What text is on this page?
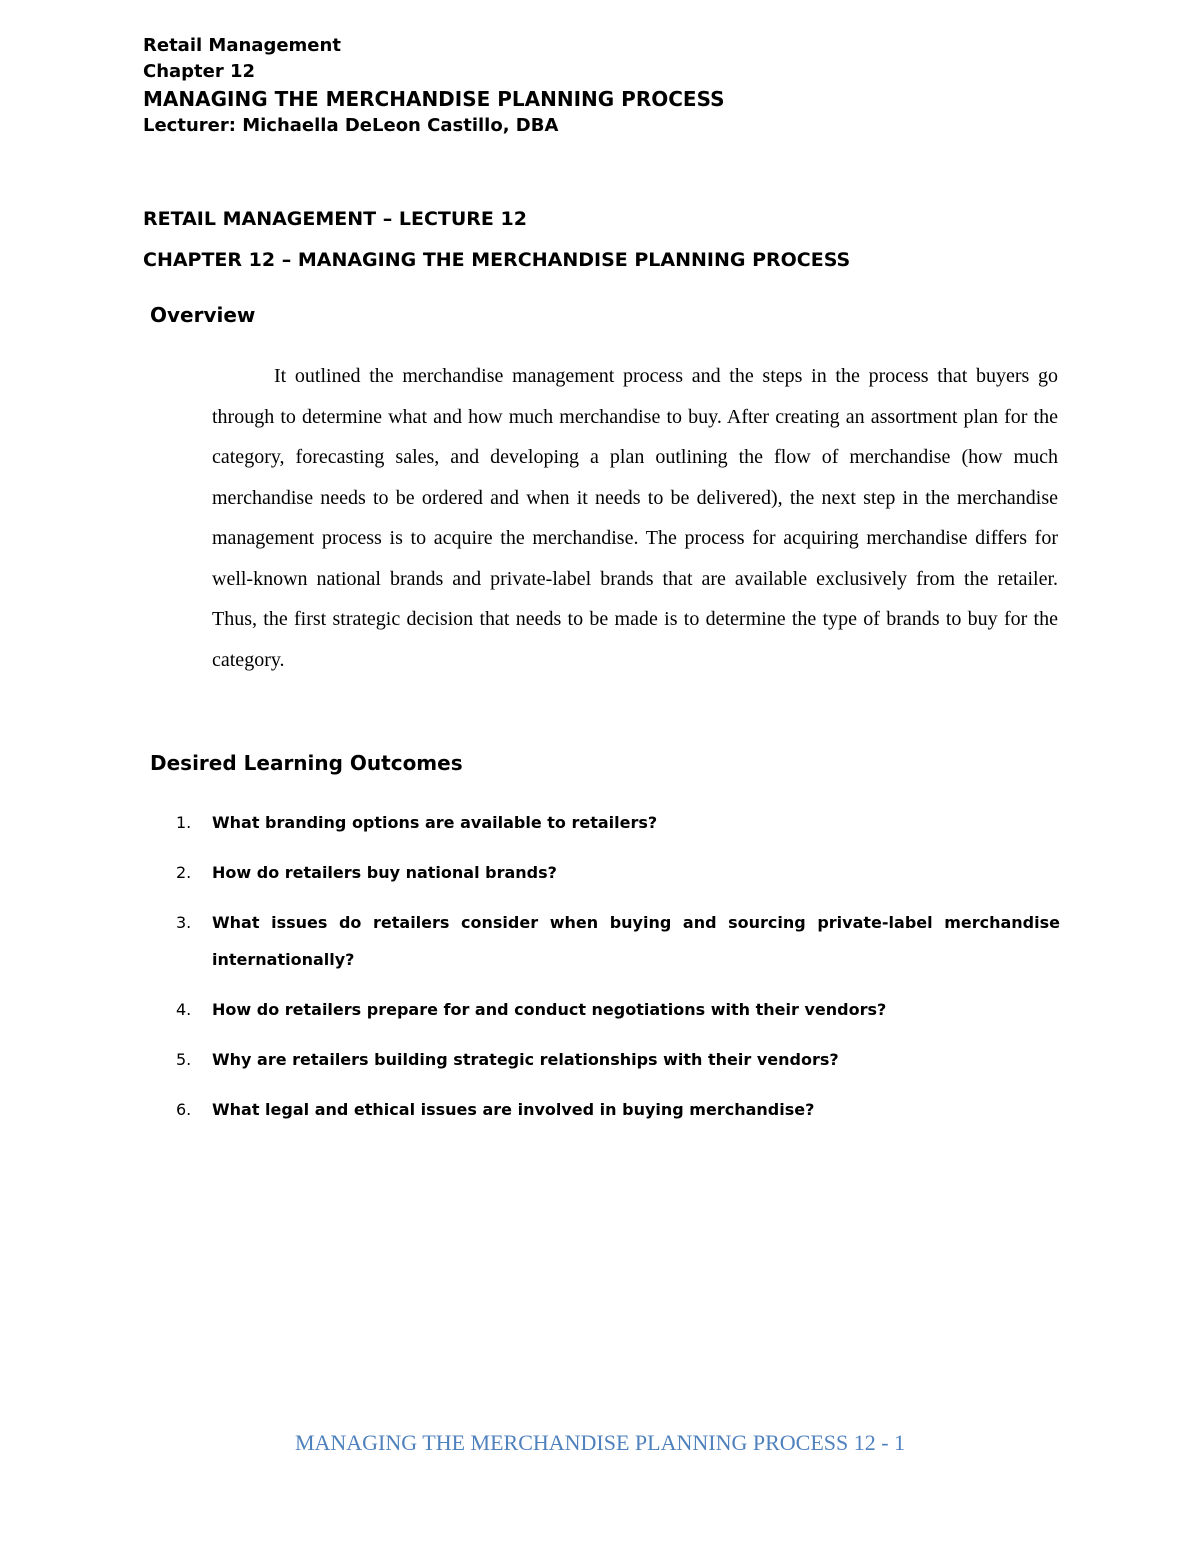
Retail Management
Chapter 12
MANAGING THE MERCHANDISE PLANNING PROCESS
Lecturer: Michaella DeLeon Castillo, DBA
RETAIL MANAGEMENT – LECTURE 12
CHAPTER 12 – MANAGING THE MERCHANDISE PLANNING PROCESS
Overview

It outlined the merchandise management process and the steps in the process that buyers go through to determine what and how much merchandise to buy. After creating an assortment plan for the category, forecasting sales, and developing a plan outlining the flow of merchandise (how much merchandise needs to be ordered and when it needs to be delivered), the next step in the merchandise management process is to acquire the merchandise. The process for acquiring merchandise differs for well-known national brands and private-label brands that are available exclusively from the retailer. Thus, the first strategic decision that needs to be made is to determine the type of brands to buy for the category.

Desired Learning Outcomes
1.	What branding options are available to retailers?
2.	How do retailers buy national brands?
3.	What issues do retailers consider when buying and sourcing private-label merchandise internationally?
4.	How do retailers prepare for and conduct negotiations with their vendors?
5.	Why are retailers building strategic relationships with their vendors?
6.	What legal and ethical issues are involved in buying merchandise?
MANAGING THE MERCHANDISE PLANNING PROCESS 12 - 1
